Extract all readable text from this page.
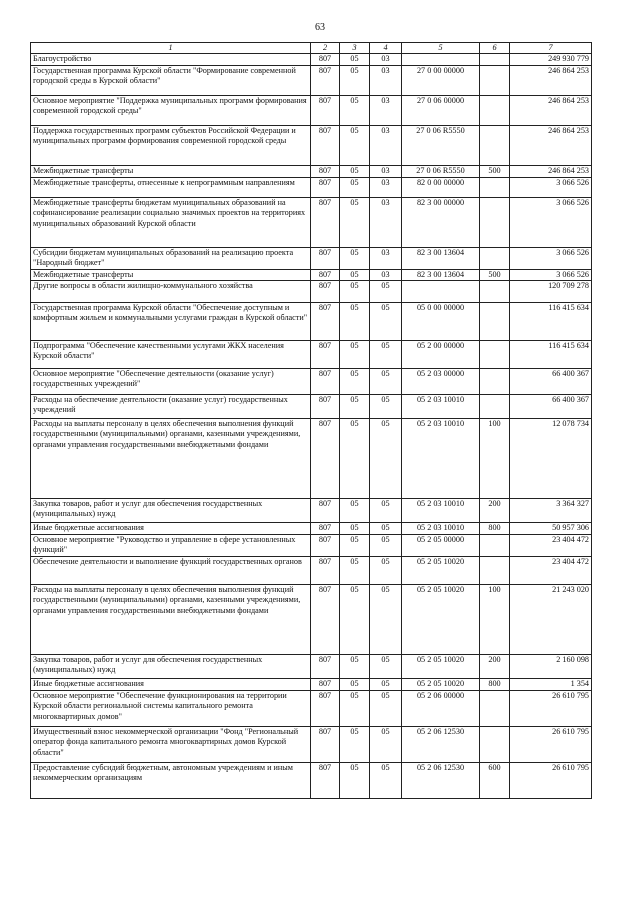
63
1	2	3	4	5	6	7
Благоустройство	807	05	03			249 930 779
Государственная программа Курской области "Формирование современной городской среды в Курской области"	807	05	03	27 0 00 00000		246 864 253
Основное мероприятие "Поддержка муниципальных программ формирования современной городской среды"	807	05	03	27 0 06 00000		246 864 253
Поддержка государственных программ субъектов Российской Федерации и муниципальных программ формирования современной городской среды	807	05	03	27 0 06 R5550		246 864 253
Межбюджетные трансферты	807	05	03	27 0 06 R5550	500	246 864 253
Межбюджетные трансферты, отнесенные к непрограммным направлениям	807	05	03	82 0 00 00000		3 066 526
Межбюджетные трансферты бюджетам муниципальных образований на софинансирование реализации социально значимых проектов на территориях муниципальных образований Курской области	807	05	03	82 3 00 00000		3 066 526
Субсидии бюджетам муниципальных образований на реализацию проекта "Народный бюджет"	807	05	03	82 3 00 13604		3 066 526
Межбюджетные трансферты	807	05	03	82 3 00 13604	500	3 066 526
Другие вопросы в области жилищно-коммунального хозяйства	807	05	05			120 709 278
Государственная программа Курской области "Обеспечение доступным и комфортным жильем и коммунальными услугами граждан в Курской области"	807	05	05	05 0 00 00000		116 415 634
Подпрограмма "Обеспечение качественными услугами ЖКХ населения Курской области"	807	05	05	05 2 00 00000		116 415 634
Основное мероприятие "Обеспечение деятельности (оказание услуг) государственных учреждений"	807	05	05	05 2 03 00000		66 400 367
Расходы на обеспечение деятельности (оказание услуг) государственных учреждений	807	05	05	05 2 03 10010		66 400 367
Расходы на выплаты персоналу в целях обеспечения выполнения функций государственными (муниципальными) органами, казенными учреждениями, органами управления государственными внебюджетными фондами	807	05	05	05 2 03 10010	100	12 078 734
Закупка товаров, работ и услуг для обеспечения государственных (муниципальных) нужд	807	05	05	05 2 03 10010	200	3 364 327
Иные бюджетные ассигнования	807	05	05	05 2 03 10010	800	50 957 306
Основное мероприятие "Руководство и управление в сфере установленных функций"	807	05	05	05 2 05 00000		23 404 472
Обеспечение деятельности и выполнение функций государственных органов	807	05	05	05 2 05 10020		23 404 472
Расходы на выплаты персоналу в целях обеспечения выполнения функций государственными (муниципальными) органами, казенными учреждениями, органами управления государственными внебюджетными фондами	807	05	05	05 2 05 10020	100	21 243 020
Закупка товаров, работ и услуг для обеспечения государственных (муниципальных) нужд	807	05	05	05 2 05 10020	200	2 160 098
Иные бюджетные ассигнования	807	05	05	05 2 05 10020	800	1 354
Основное мероприятие "Обеспечение функционирования на территории Курской области региональной системы капитального ремонта многоквартирных домов"	807	05	05	05 2 06 00000		26 610 795
Имущественный взнос некоммерческой организации "Фонд "Региональный оператор фонда капитального ремонта многоквартирных домов Курской области"	807	05	05	05 2 06 12530		26 610 795
Предоставление субсидий бюджетным, автономным учреждениям и иным некоммерческим организациям	807	05	05	05 2 06 12530	600	26 610 795
